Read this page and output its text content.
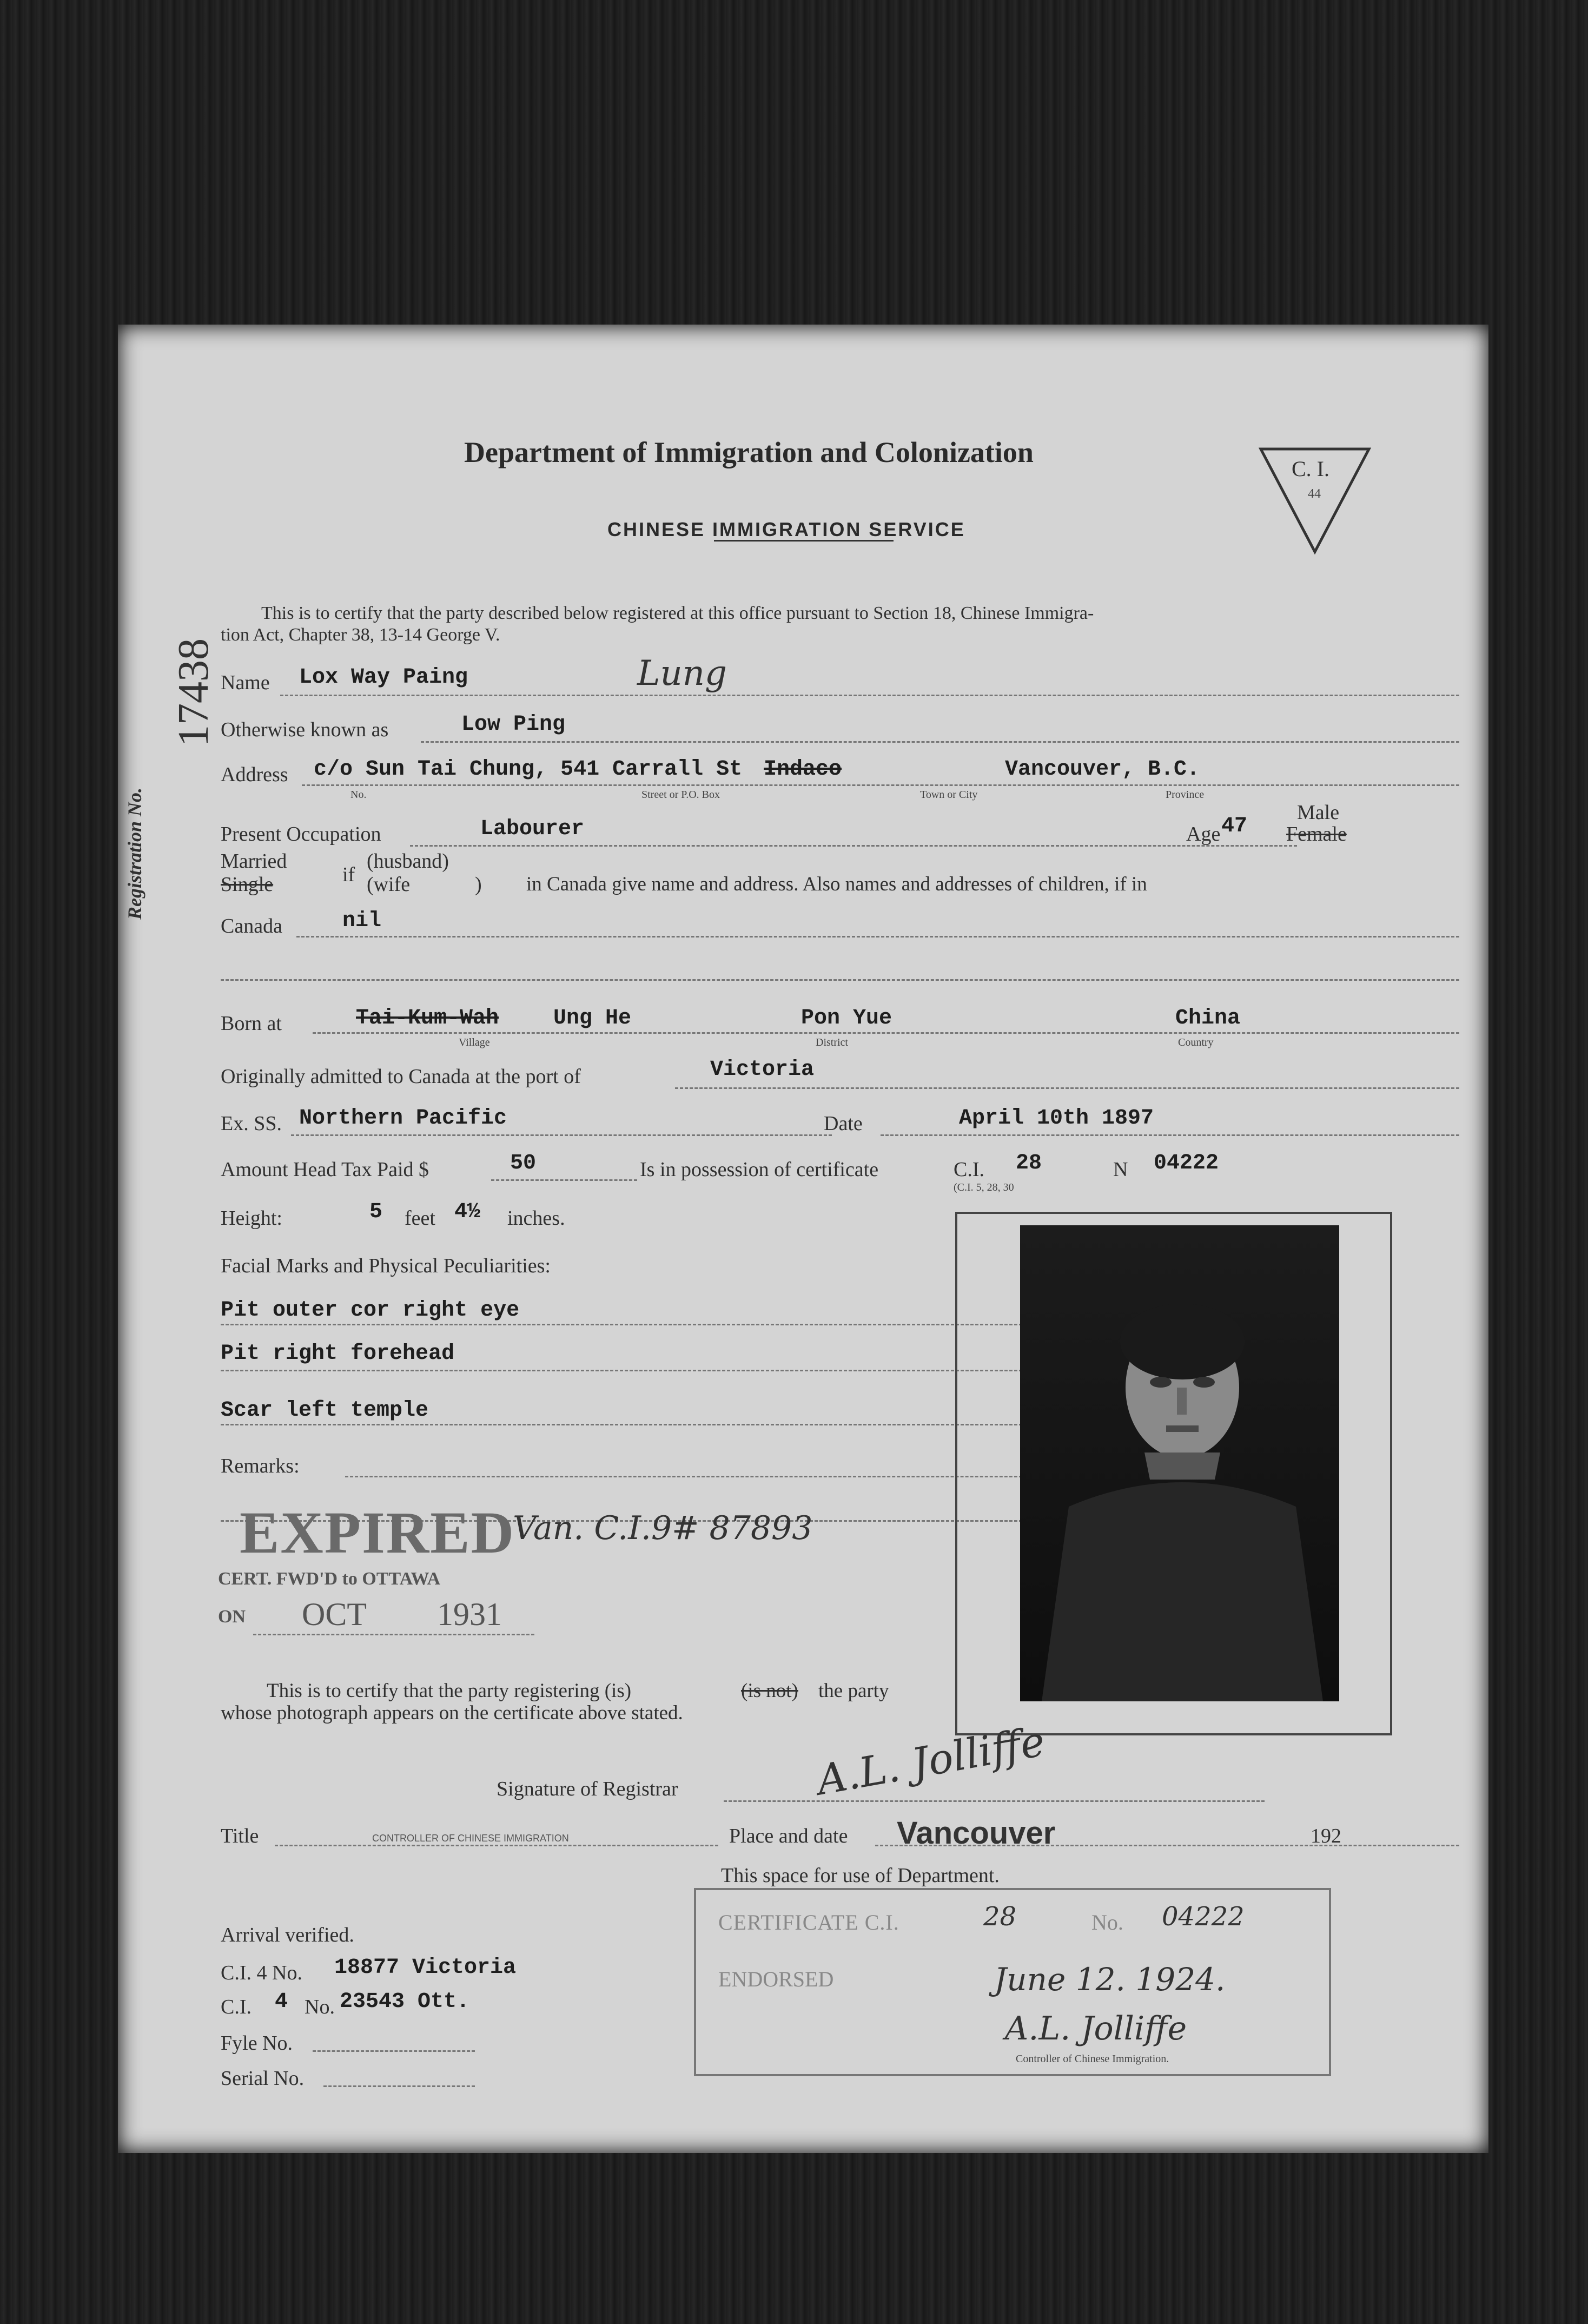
Department of Immigration and Colonization
CHINESE IMMIGRATION SERVICE
C. I.
44
Registration No.
17438
This is to certify that the party described below registered at this office pursuant to Section 18, Chinese Immigra-
tion Act, Chapter 38, 13-14 George V.
Name Lox Way Paing	Lung
Otherwise known as	Low Ping
Address c/o Sun Tai Chung, 541 Carrall St Indaco	Vancouver, B.C.
No.	Street or P.O. Box	Town or City	Province
Present Occupation	Labourer	Age 47
Male
Female
Married
Single	if
(husband)
(wife	) in Canada give name and address. Also names and addresses of children, if in
Canada	nil
Born at	Tai-Kum-Wah	Ung He	Pon Yue	China
Village	District	Country
Originally admitted to Canada at the port of	Victoria
Ex. SS. Northern Pacific	Date	April 10th 1897
Amount Head Tax Paid $	50	Is in possession of certificate	C.I. 28	N 04222
(C.I. 5, 28, 30
Height:	5 feet 4½ inches.
Facial Marks and Physical Peculiarities:
Pit outer cor right eye
Pit right forehead
Scar left temple
Remarks:
EXPIRED
Van. C.I.9# 87893
CERT. FWD'D to OTTAWA
ON OCT 1931
This is to certify that the party registering (is)	(is not) the party
whose photograph appears on the certificate above stated.
Signature of Registrar	A.L. Jolliffe
Title	CONTROLLER OF CHINESE IMMIGRATION	Place and date Vancouver	192
This space for use of Department.
CERTIFICATE C.I.	28	No. 04222
ENDORSED	June 12. 1924.
A.L. Jolliffe
Controller of Chinese Immigration.
Arrival verified.
C.I. 4 No. 18877 Victoria
C.I. 4 No. 23543 Ott.
Fyle No.
Serial No.
